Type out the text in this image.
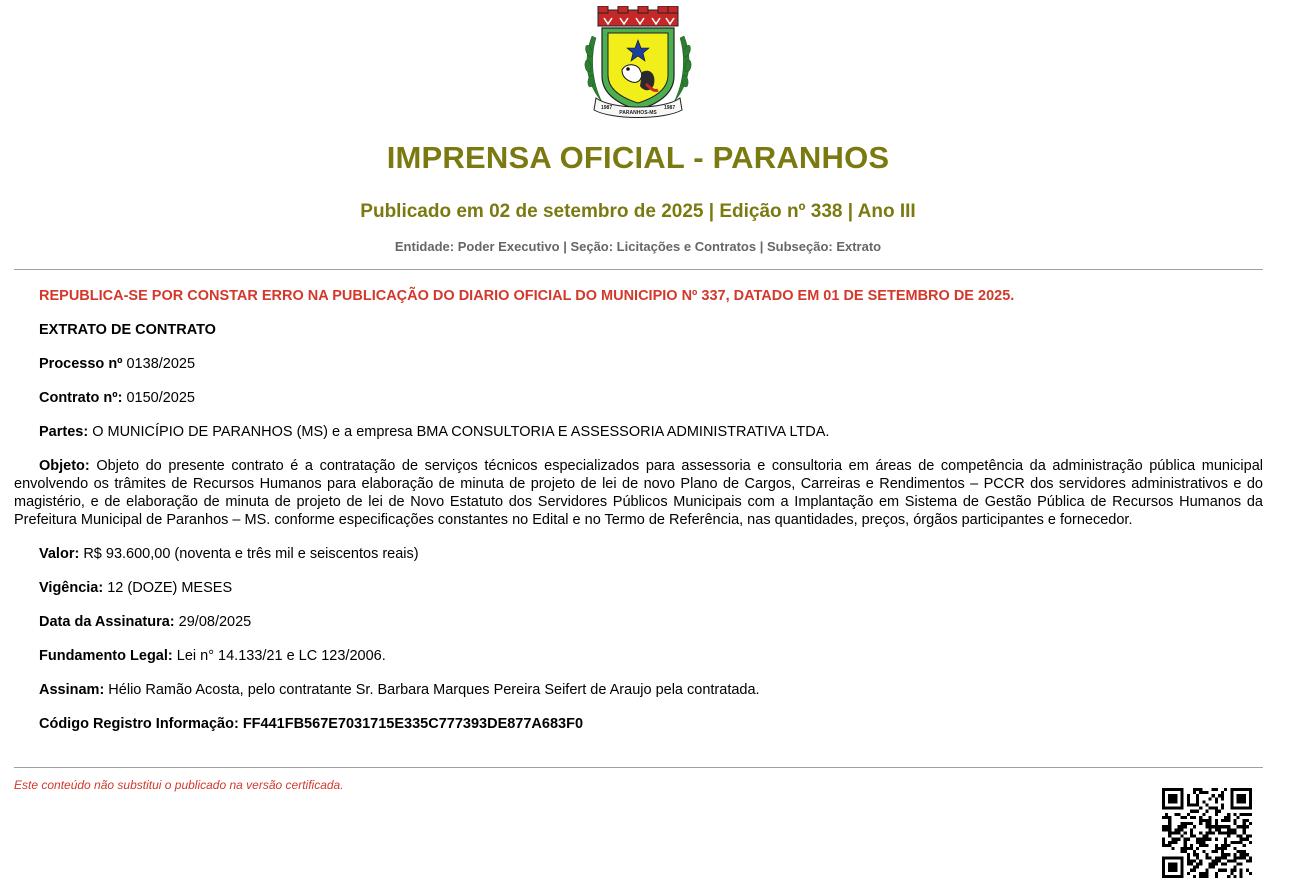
1987
PARANHOS-MS
1987
IMPRENSA OFICIAL - PARANHOS
Publicado em 02 de setembro de 2025 | Edição nº 338 | Ano III
Entidade: Poder Executivo | Seção: Licitações e Contratos | Subseção: Extrato

REPUBLICA-SE POR CONSTAR ERRO NA PUBLICAÇÃO DO DIARIO OFICIAL DO MUNICIPIO Nº 337, DATADO EM 01 DE SETEMBRO DE 2025.

EXTRATO DE CONTRATO

Processo nº 0138/2025

Contrato nº: 0150/2025

Partes: O MUNICÍPIO DE PARANHOS (MS) e a empresa BMA CONSULTORIA E ASSESSORIA ADMINISTRATIVA LTDA.

Objeto: Objeto do presente contrato é a contratação de serviços técnicos especializados para assessoria e consultoria em áreas de competência da administração pública municipal envolvendo os trâmites de Recursos Humanos para elaboração de minuta de projeto de lei de novo Plano de Cargos, Carreiras e Rendimentos – PCCR dos servidores administrativos e do magistério, e de elaboração de minuta de projeto de lei de Novo Estatuto dos Servidores Públicos Municipais com a Implantação em Sistema de Gestão Pública de Recursos Humanos da Prefeitura Municipal de Paranhos – MS. conforme especificações constantes no Edital e no Termo de Referência, nas quantidades, preços, órgãos participantes e fornecedor.

Valor: R$ 93.600,00 (noventa e três mil e seiscentos reais)

Vigência: 12 (DOZE) MESES

Data da Assinatura: 29/08/2025

Fundamento Legal: Lei n° 14.133/21 e LC 123/2006.

Assinam: Hélio Ramão Acosta, pelo contratante Sr. Barbara Marques Pereira Seifert de Araujo pela contratada.

Código Registro Informação: FF441FB567E7031715E335C777393DE877A683F0

Este conteúdo não substitui o publicado na versão certificada.
